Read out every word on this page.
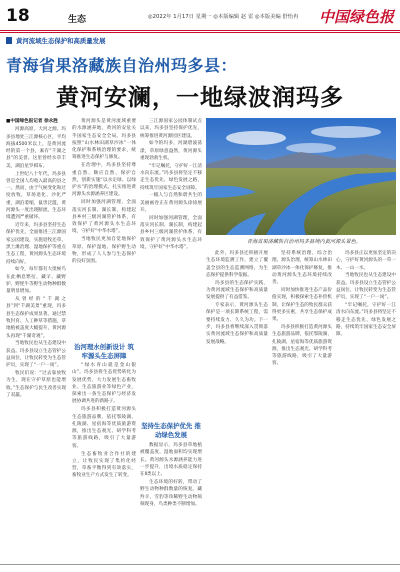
18	生态	◎2022年 1月17日 星期一 ◎本版编辑 赵 雷 ◎本版美编 舒怡冉 中国绿色报
黄河流域生态保护和高质量发展
青海省果洛藏族自治州玛多县：
黄河安澜，一地绿波润玛多

■中国绿色报记者 徐永胜

河源高原，大河之源。玛多县地处三江源核心区，平均海拔4500米以上，是黄河流经的第一个县，素有“千湖之县”的美誉。这里曾经水草丰美，湖泊星罗棋布。

上世纪八十年代，玛多县曾是全国人均收入最高的县之一。然而，由于气候变化和过度放牧，草场退化、沙化严重，湖泊萎缩，鼠害泛滥，黄河源头一度出现断流，生态环境遭到严重破坏。

近年来，玛多县坚持生态保护优先，全面推进三江源国家公园建设，实施退牧还草、黑土滩治理、湿地保护等重点生态工程，黄河源头生态环境持续向好。

如今，每年都有大批候鸟在此栖息繁衍，藏羊、藏野驴、野牦牛等野生动物种群数量明显增加。

从曾经的“千湖之县”到“千湖美景”重现，玛多县生态保护成果显著。通过禁牧封育、人工种草等措施，草地植被盖度大幅提升，黄河源头再现“千湖奇观”。

当地牧民也从生态建设中获益。玛多县设立生态管护公益岗位，让牧民转变为生态管护员，实现了“一户一岗”。

牧民们说：“过去靠放牧为生，现在守护草原也能增收。”生态保护与民生改善实现了双赢。

治河理水创新设计 筑牢源头生态屏障

黄河源头是黄河流域重要的水源涵养地，黄河的安危关乎国家生态安全全局。玛多县按照“山水林田湖草沙冰”一体化保护和系统治理的要求，统筹推进生态保护与修复。

在治理中，玛多县坚持尊重自然、顺应自然、保护自然，创新实施“以水定绿、以绿护水”的治理模式，扎实推进黄河源头水源涵养区建设。

同时加强河湖管理，全面落实河长制、湖长制，构建起县乡村三级河湖管护体系，有效保护了黄河源头水生态环境，守护好“中华水塔”。

当地牧民更加自觉地保护草原、保护湿地、保护野生动物，形成了人人参与生态保护的良好氛围。

“绿水青山就是金山银山”。玛多县将生态优势转化为发展优势，大力发展生态畜牧业、生态旅游业等绿色产业，探索出一条生态保护与经济发展协调共进的新路子。

玛多县积极打造黄河源头生态旅游品牌，依托鄂陵湖、扎陵湖、星宿海等优质旅游资源，推出生态观光、研学科考等旅游线路，吸引了大量游客。

生态畜牧业合作社的建立，让牧民实现了集约化经营，草畜平衡得到有效落实，畜牧业生产方式发生了转变。

三江源国家公园体制试点以来，玛多县坚持保护优先，统筹推进黄河源园区建设。

如今的玛多，河湖碧波荡漾，草原绿意盎然，黄河源头重现勃勃生机。

“牢记嘱托，守护好一江清水向东流。”玛多县将坚定不移走生态优先、绿色发展之路，持续筑牢国家生态安全屏障。

一幅人与自然和谐共生的美丽画卷正在黄河源头徐徐展开。

同时加强河湖管理，全面落实河长制、湖长制，构建起县乡村三级河湖管护体系，有效保护了黄河源头水生态环境，守护好“中华水塔”。

坚持生态保护优先 推动绿色发展

数据显示，玛多县草地植被覆盖度、湿地面积均实现增长。黄河源头水源涵养能力进一步提升，出境水质稳定保持在Ⅱ类以上。

生态环境的好转，带动了野生动物种群数量的恢复。藏羚羊、雪豹等珍稀野生动物频频现身，鸟类种类不断增加。

青海省果洛藏族自治州玛多县境内黄河源头景色。

此外，玛多县还积极开展生态环境监测工作，建立了覆盖全县的生态监测网络，为生态保护提供科学依据。

玛多县的生态保护实践，为黄河流域生态保护和高质量发展提供了有益借鉴。

专家表示，黄河源头生态保护是一项长期系统工程，需要持续发力、久久为功。下一步，玛多县将继续深入贯彻落实黄河流域生态保护和高质量发展战略。

坚持系统治理、综合治理、源头治理，统筹山水林田湖草沙冰一体化保护修复，推动黄河源头生态环境持续改善。

同时加快推进生态产品价值实现，积极探索生态补偿机制，让保护生态的牧民群众获得更多实惠，共享生态保护成果。

玛多县积极打造黄河源头生态旅游品牌，依托鄂陵湖、扎陵湖、星宿海等优质旅游资源，推出生态观光、研学科考等旅游线路，吸引了大量游客。

玛多县正以更加坚定的决心，守护好黄河源头的一草一木、一山一水。

当地牧民也从生态建设中获益。玛多县设立生态管护公益岗位，让牧民转变为生态管护员，实现了“一户一岗”。

“牢记嘱托，守护好一江清水向东流。”玛多县将坚定不移走生态优先、绿色发展之路，持续筑牢国家生态安全屏障。
